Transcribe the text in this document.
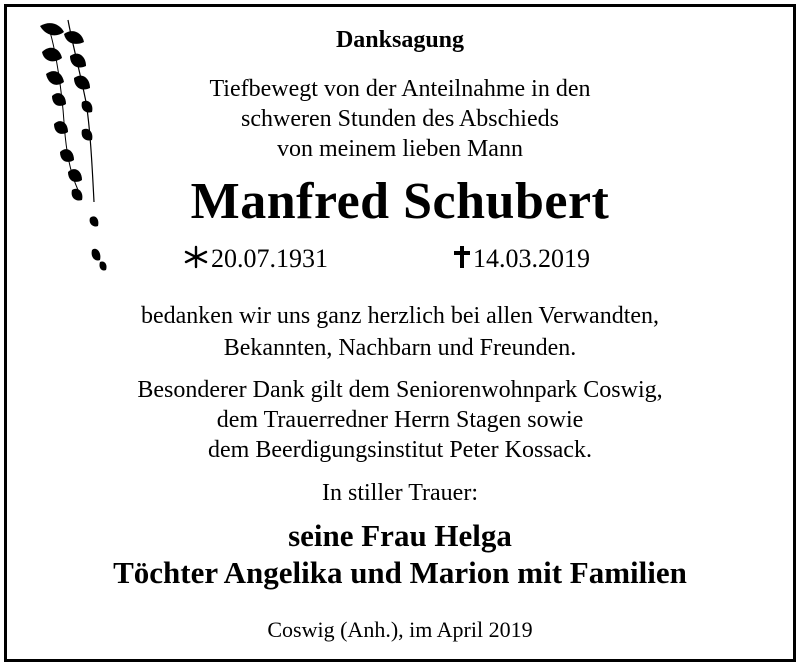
Danksagung
Tiefbewegt von der Anteilnahme in den
schweren Stunden des Abschieds
von meinem lieben Mann
Manfred Schubert
20.07.1931	14.03.2019
bedanken wir uns ganz herzlich bei allen Verwandten,
Bekannten, Nachbarn und Freunden.
Besonderer Dank gilt dem Seniorenwohnpark Coswig,
dem Trauerredner Herrn Stagen sowie
dem Beerdigungsinstitut Peter Kossack.
In stiller Trauer:
seine Frau Helga
Töchter Angelika und Marion mit Familien
Coswig (Anh.), im April 2019
